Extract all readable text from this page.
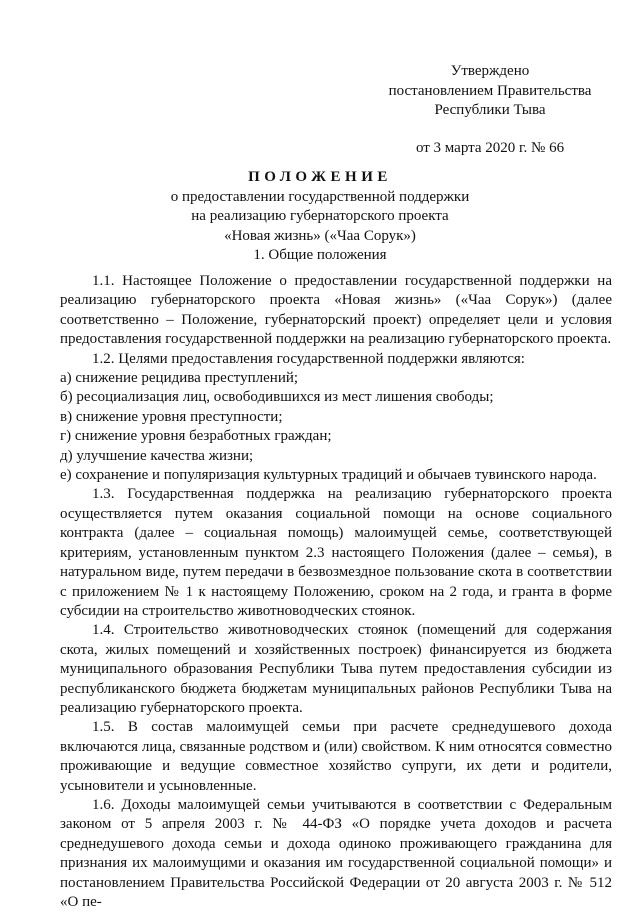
Утверждено
постановлением Правительства
Республики Тыва
от 3 марта 2020 г. № 66
ПОЛОЖЕНИЕ
о предоставлении государственной поддержки
на реализацию губернаторского проекта
«Новая жизнь» («Чаа Сорук»)
1. Общие положения

1.1. Настоящее Положение о предоставлении государственной поддержки на реализацию губернаторского проекта «Новая жизнь» («Чаа Сорук») (далее соответственно – Положение, губернаторский проект) определяет цели и условия предоставления государственной поддержки на реализацию губернаторского проекта.

1.2. Целями предоставления государственной поддержки являются:

а) снижение рецидива преступлений;

б) ресоциализация лиц, освободившихся из мест лишения свободы;

в) снижение уровня преступности;

г) снижение уровня безработных граждан;

д) улучшение качества жизни;

е) сохранение и популяризация культурных традиций и обычаев тувинского народа.

1.3. Государственная поддержка на реализацию губернаторского проекта осуществляется путем оказания социальной помощи на основе социального контракта (далее – социальная помощь) малоимущей семье, соответствующей критериям, установленным пунктом 2.3 настоящего Положения (далее – семья), в натуральном виде, путем передачи в безвозмездное пользование скота в соответствии с приложением № 1 к настоящему Положению, сроком на 2 года, и гранта в форме субсидии на строительство животноводческих стоянок.

1.4. Строительство животноводческих стоянок (помещений для содержания скота, жилых помещений и хозяйственных построек) финансируется из бюджета муниципального образования Республики Тыва путем предоставления субсидии из республиканского бюджета бюджетам муниципальных районов Республики Тыва на реализацию губернаторского проекта.

1.5. В состав малоимущей семьи при расчете среднедушевого дохода включаются лица, связанные родством и (или) свойством. К ним относятся совместно проживающие и ведущие совместное хозяйство супруги, их дети и родители, усыновители и усыновленные.

1.6. Доходы малоимущей семьи учитываются в соответствии с Федеральным законом от 5 апреля 2003 г. № 44-ФЗ «О порядке учета доходов и расчета среднедушевого дохода семьи и дохода одиноко проживающего гражданина для признания их малоимущими и оказания им государственной социальной помощи» и постановлением Правительства Российской Федерации от 20 августа 2003 г. № 512 «О пе-
